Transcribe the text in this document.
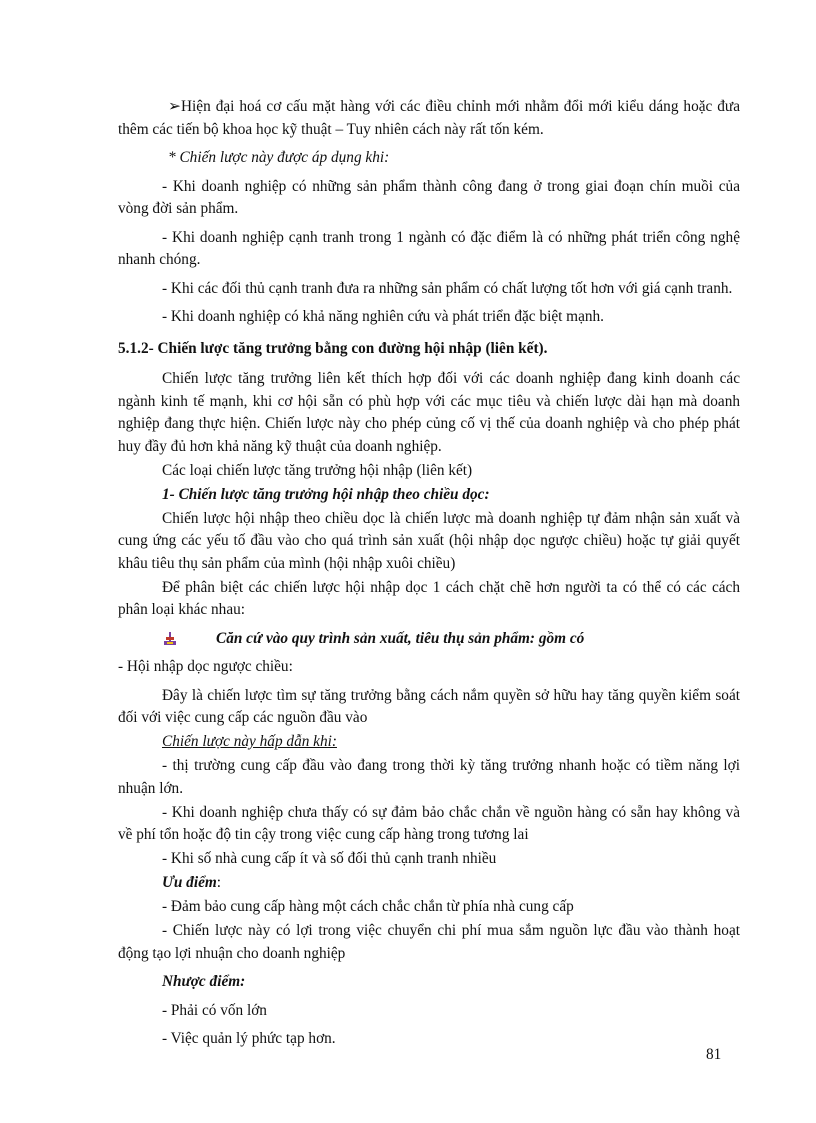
➢Hiện đại hoá cơ cấu mặt hàng với các điều chỉnh mới nhằm đổi mới kiểu dáng hoặc đưa thêm các tiến bộ khoa học kỹ thuật – Tuy nhiên cách này rất tốn kém.

* Chiến lược này được áp dụng khi:

- Khi doanh nghiệp có những sản phẩm thành công đang ở trong giai đoạn chín muồi của vòng đời sản phẩm.

- Khi doanh nghiệp cạnh tranh trong 1 ngành có đặc điểm là có những phát triển công nghệ nhanh chóng.

- Khi các đối thủ cạnh tranh đưa ra những sản phẩm có chất lượng tốt hơn với giá cạnh tranh.

- Khi doanh nghiệp có khả năng nghiên cứu và phát triển đặc biệt mạnh.

5.1.2- Chiến lược tăng trưởng bằng con đường hội nhập (liên kết).

Chiến lược tăng trưởng liên kết thích hợp đối với các doanh nghiệp đang kinh doanh các ngành kinh tế mạnh, khi cơ hội sẵn có phù hợp với các mục tiêu và chiến lược dài hạn mà doanh nghiệp đang thực hiện. Chiến lược này cho phép củng cố vị thế của doanh nghiệp và cho phép phát huy đầy đủ hơn khả năng kỹ thuật của doanh nghiệp.

Các loại chiến lược tăng trưởng hội nhập (liên kết)

1- Chiến lược tăng trưởng hội nhập theo chiều dọc:

Chiến lược hội nhập theo chiều dọc là chiến lược mà doanh nghiệp tự đảm nhận sản xuất và cung ứng các yếu tố đầu vào cho quá trình sản xuất (hội nhập dọc ngược chiều) hoặc tự giải quyết khâu tiêu thụ sản phẩm của mình (hội nhập xuôi chiều)

Để phân biệt các chiến lược hội nhập dọc 1 cách chặt chẽ hơn người ta có thể có các cách phân loại khác nhau:

Căn cứ vào quy trình sản xuất, tiêu thụ sản phẩm: gồm có

- Hội nhập dọc ngược chiều:

Đây là chiến lược tìm sự tăng trưởng bằng cách nắm quyền sở hữu hay tăng quyền kiểm soát đối với việc cung cấp các nguồn đầu vào

Chiến lược này hấp dẫn khi:

- thị trường cung cấp đầu vào đang trong thời kỳ tăng trưởng nhanh hoặc có tiềm năng lợi nhuận lớn.

- Khi doanh nghiệp chưa thấy có sự đảm bảo chắc chắn về nguồn hàng có sẵn hay không và về phí tổn hoặc độ tin cậy trong việc cung cấp hàng trong tương lai

- Khi số nhà cung cấp ít và số đối thủ cạnh tranh nhiều

Ưu điểm:

- Đảm bảo cung cấp hàng một cách chắc chắn từ phía nhà cung cấp

- Chiến lược này có lợi trong việc chuyển chi phí mua sắm nguồn lực đầu vào thành hoạt động tạo lợi nhuận cho doanh nghiệp

Nhược điểm:

- Phải có vốn lớn

- Việc quản lý phức tạp hơn.

81
